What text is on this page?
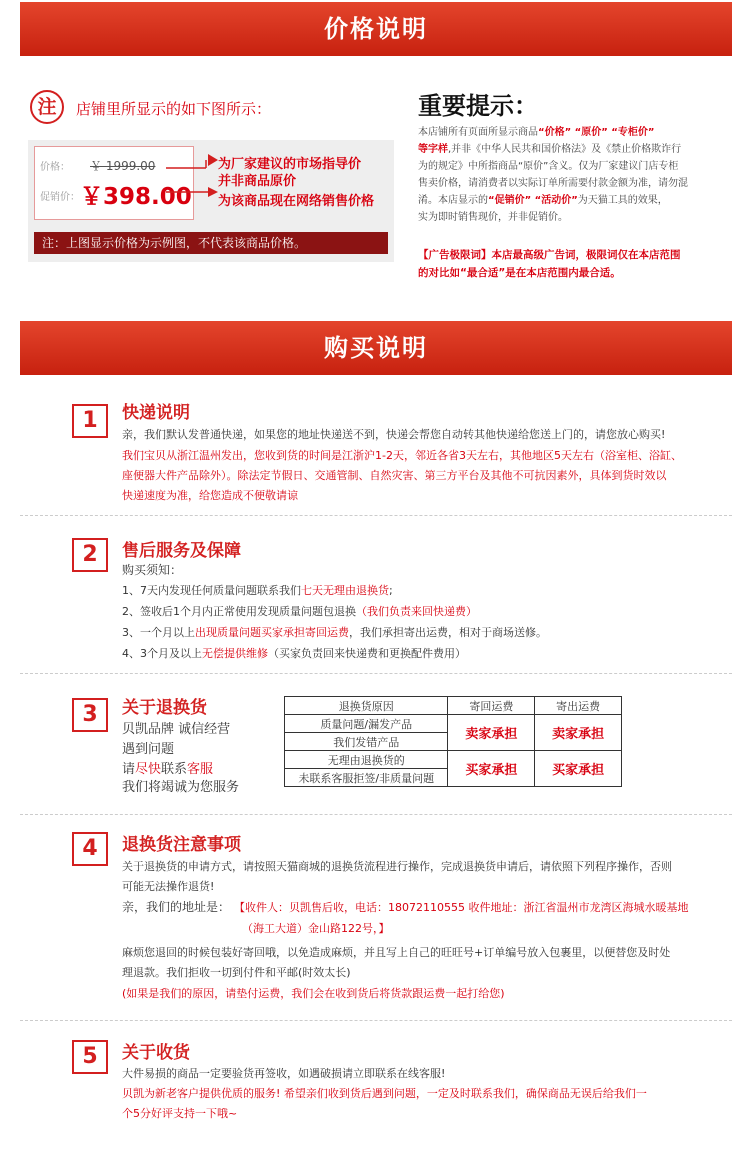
价格说明
注	店铺里所显示的如下图所示：
价格： ￥ 1999.00
促销价： ￥398.00
为厂家建议的市场指导价
并非商品原价
为该商品现在网络销售价格
注：上图显示价格为示例图，不代表该商品价格。
重要提示：
本店铺所有页面所显示商品“价格” “原价” “专柜价”
等字样,并非《中华人民共和国价格法》及《禁止价格欺诈行
为的规定》中所指商品“原价”含义。仅为厂家建议门店专柜
售卖价格，请消费者以实际订单所需要付款金额为准，请勿混
淆。本店显示的“促销价” “活动价”为天猫工具的效果，
实为即时销售现价，并非促销价。
【广告极限词】本店最高级广告词，极限词仅在本店范围
的对比如“最合适”是在本店范围内最合适。
购买说明
1	快递说明
亲，我们默认发普通快递，如果您的地址快递送不到，快递会帮您自动转其他快递给您送上门的，请您放心购买!
我们宝贝从浙江温州发出，您收到货的时间是江浙沪1-2天，邻近各省3天左右，其他地区5天左右（浴室柜、浴缸、
座便器大件产品除外）。除法定节假日、交通管制、自然灾害、第三方平台及其他不可抗因素外，具体到货时效以
快递速度为准，给您造成不便敬请谅
2	售后服务及保障
购买须知：
1、7天内发现任何质量问题联系我们七天无理由退换货;
2、签收后1个月内正常使用发现质量问题包退换（我们负责来回快递费）
3、一个月以上出现质量问题买家承担寄回运费，我们承担寄出运费，相对于商场送修。
4、3个月及以上无偿提供维修（买家负责回来快递费和更换配件费用）
3	关于退换货
贝凯品牌 诚信经营
遇到问题
请尽快联系客服
我们将竭诚为您服务
退换货原因	寄回运费	寄出运费
质量问题/漏发产品	卖家承担	卖家承担
我们发错产品		
无理由退换货的	买家承担	买家承担
未联系客服拒签/非质量问题		
4	退换货注意事项
关于退换货的申请方式，请按照天猫商城的退换货流程进行操作，完成退换货申请后，请依照下列程序操作，否则
可能无法操作退货!
亲，我们的地址是： 【收件人：贝凯售后收，电话：18072110555 收件地址：浙江省温州市龙湾区海城水暖基地
（海工大道）金山路122号，】
麻烦您退回的时候包装好寄回哦，以免造成麻烦，并且写上自己的旺旺号+订单编号放入包裹里，以便替您及时处
理退款。我们拒收一切到付件和平邮(时效太长)
(如果是我们的原因，请垫付运费，我们会在收到货后将货款跟运费一起打给您)
5	关于收货
大件易损的商品一定要验货再签收，如遇破损请立即联系在线客服!
贝凯为新老客户提供优质的服务! 希望亲们收到货后遇到问题，一定及时联系我们，确保商品无误后给我们一
个5分好评支持一下哦~
